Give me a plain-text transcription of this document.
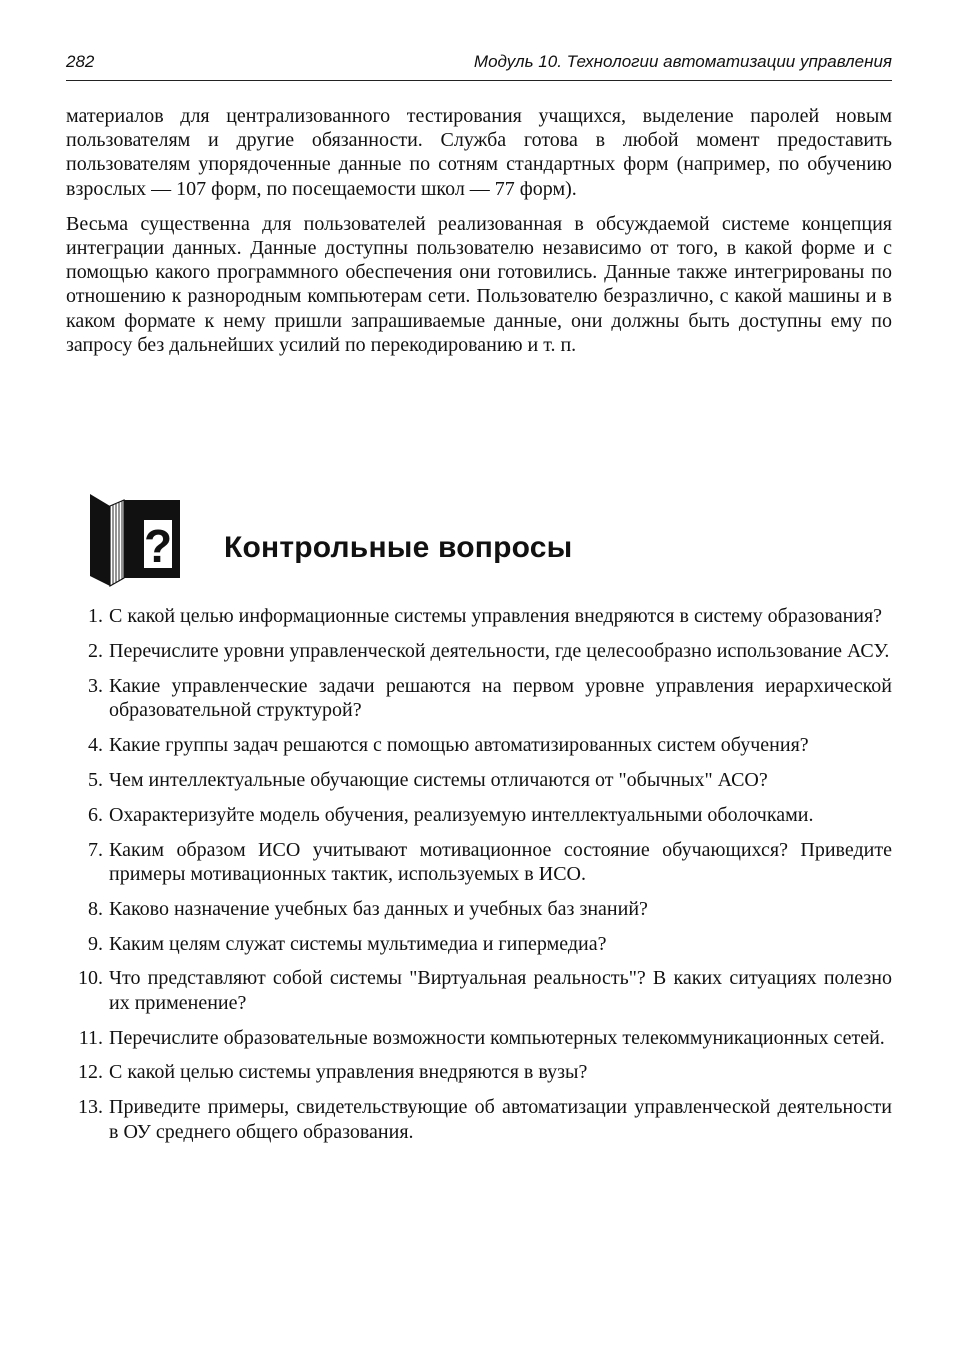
282	Модуль 10. Технологии автоматизации управления

материалов для централизованного тестирования учащихся, выделение паролей новым пользователям и другие обязанности. Служба готова в любой момент предоставить пользователям упорядоченные данные по сотням стандартных форм (например, по обучению взрослых — 107 форм, по посещаемости школ — 77 форм).

Весьма существенна для пользователей реализованная в обсуждаемой системе концепция интеграции данных. Данные доступны пользователю независимо от того, в какой форме и с помощью какого программного обеспечения они готовились. Данные также интегрированы по отношению к разнородным компьютерам сети. Пользователю безразлично, с какой машины и в каком формате к нему пришли запрашиваемые данные, они должны быть доступны ему по запросу без дальнейших усилий по перекодированию и т. п.

? Контрольные вопросы
1. С какой целью информационные системы управления внедряются в систему образования?
2. Перечислите уровни управленческой деятельности, где целесообразно использование АСУ.
3. Какие управленческие задачи решаются на первом уровне управления иерархической образовательной структурой?
4. Какие группы задач решаются с помощью автоматизированных систем обучения?
5. Чем интеллектуальные обучающие системы отличаются от "обычных" АСО?
6. Охарактеризуйте модель обучения, реализуемую интеллектуальными оболочками.
7. Каким образом ИСО учитывают мотивационное состояние обучающихся? Приведите примеры мотивационных тактик, используемых в ИСО.
8. Каково назначение учебных баз данных и учебных баз знаний?
9. Каким целям служат системы мультимедиа и гипермедиа?
10. Что представляют собой системы "Виртуальная реальность"? В каких ситуациях полезно их применение?
11. Перечислите образовательные возможности компьютерных телекоммуникационных сетей.
12. С какой целью системы управления внедряются в вузы?
13. Приведите примеры, свидетельствующие об автоматизации управленческой деятельности в ОУ среднего общего образования.
